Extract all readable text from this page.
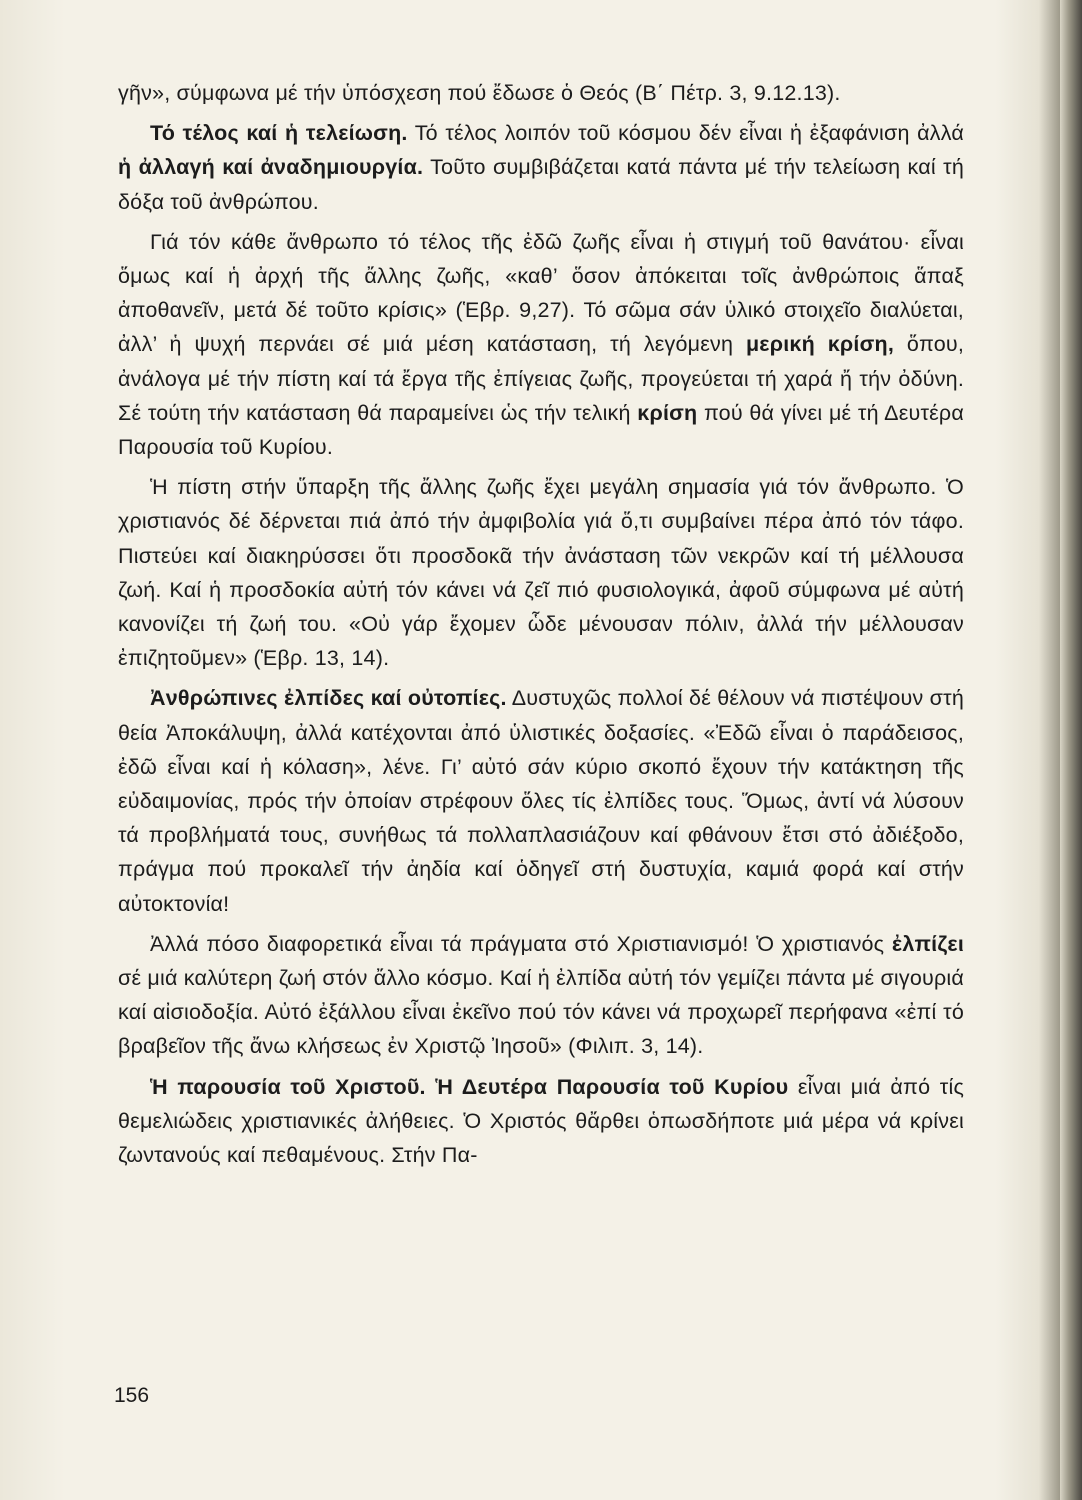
γῆν», σύμφωνα μέ τήν ὑπόσχεση πού ἔδωσε ὁ Θεός (Β΄ Πέτρ. 3, 9.12.13).

Τό τέλος καί ἡ τελείωση. Τό τέλος λοιπόν τοῦ κόσμου δέν εἶναι ἡ ἐξαφάνιση ἀλλά ἡ ἀλλαγή καί ἀναδημιουργία. Τοῦτο συμβιβάζεται κατά πάντα μέ τήν τελείωση καί τή δόξα τοῦ ἀνθρώπου.

Γιά τόν κάθε ἄνθρωπο τό τέλος τῆς ἐδῶ ζωῆς εἶναι ἡ στιγμή τοῦ θανάτου· εἶναι ὅμως καί ἡ ἀρχή τῆς ἄλλης ζωῆς, «καθ’ ὅσον ἀπόκειται τοῖς ἀνθρώποις ἅπαξ ἀποθανεῖν, μετά δέ τοῦτο κρίσις» (Ἑβρ. 9,27). Τό σῶμα σάν ὑλικό στοιχεῖο διαλύεται, ἀλλ’ ἡ ψυχή περνάει σέ μιά μέση κατάσταση, τή λεγόμενη μερική κρίση, ὅπου, ἀνάλογα μέ τήν πίστη καί τά ἔργα τῆς ἐπίγειας ζωῆς, προγεύεται τή χαρά ἤ τήν ὀδύνη. Σέ τούτη τήν κατάσταση θά παραμείνει ὡς τήν τελική κρίση πού θά γίνει μέ τή Δευτέρα Παρουσία τοῦ Κυρίου.

Ἡ πίστη στήν ὕπαρξη τῆς ἄλλης ζωῆς ἔχει μεγάλη σημασία γιά τόν ἄνθρωπο. Ὁ χριστιανός δέ δέρνεται πιά ἀπό τήν ἀμφιβολία γιά ὅ,τι συμβαίνει πέρα ἀπό τόν τάφο. Πιστεύει καί διακηρύσσει ὅτι προσδοκᾶ τήν ἀνάσταση τῶν νεκρῶν καί τή μέλλουσα ζωή. Καί ἡ προσδοκία αὐτή τόν κάνει νά ζεῖ πιό φυσιολογικά, ἀφοῦ σύμφωνα μέ αὐτή κανονίζει τή ζωή του. «Οὐ γάρ ἔχομεν ὧδε μένουσαν πόλιν, ἀλλά τήν μέλλουσαν ἐπιζητοῦμεν» (Ἑβρ. 13, 14).

Ἀνθρώπινες ἐλπίδες καί οὐτοπίες. Δυστυχῶς πολλοί δέ θέλουν νά πιστέψουν στή θεία Ἀποκάλυψη, ἀλλά κατέχονται ἀπό ὑλιστικές δοξασίες. «Ἐδῶ εἶναι ὁ παράδεισος, ἐδῶ εἶναι καί ἡ κόλαση», λένε. Γι’ αὐτό σάν κύριο σκοπό ἔχουν τήν κατάκτηση τῆς εὐδαιμονίας, πρός τήν ὁποίαν στρέφουν ὅλες τίς ἐλπίδες τους. Ὅμως, ἀντί νά λύσουν τά προβλήματά τους, συνήθως τά πολλαπλασιάζουν καί φθάνουν ἔτσι στό ἀδιέξοδο, πράγμα πού προκαλεῖ τήν ἀηδία καί ὁδηγεῖ στή δυστυχία, καμιά φορά καί στήν αὐτοκτονία!

Ἀλλά πόσο διαφορετικά εἶναι τά πράγματα στό Χριστιανισμό! Ὁ χριστιανός ἐλπίζει σέ μιά καλύτερη ζωή στόν ἄλλο κόσμο. Καί ἡ ἐλπίδα αὐτή τόν γεμίζει πάντα μέ σιγουριά καί αἰσιοδοξία. Αὐτό ἐξάλλου εἶναι ἐκεῖνο πού τόν κάνει νά προχωρεῖ περήφανα «ἐπί τό βραβεῖον τῆς ἄνω κλήσεως ἐν Χριστῷ Ἰησοῦ» (Φιλιπ. 3, 14).

Ἡ παρουσία τοῦ Χριστοῦ. Ἡ Δευτέρα Παρουσία τοῦ Κυρίου εἶναι μιά ἀπό τίς θεμελιώδεις χριστιανικές ἀλήθειες. Ὁ Χριστός θἄρθει ὁπωσδήποτε μιά μέρα νά κρίνει ζωντανούς καί πεθαμένους. Στήν Πα-

156
